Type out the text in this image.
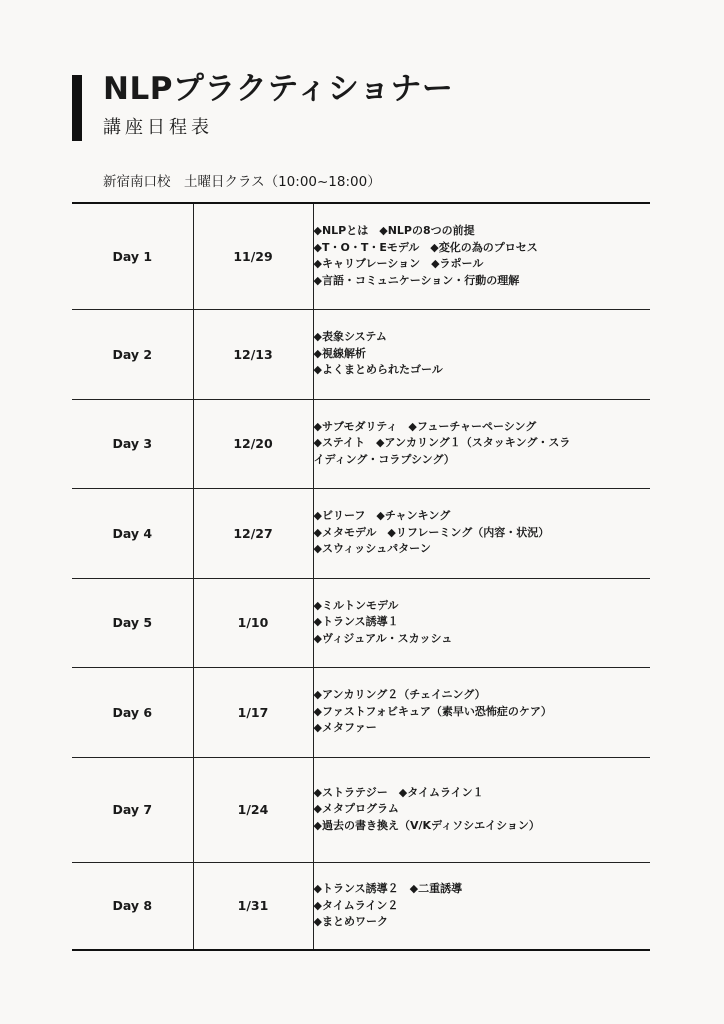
NLPプラクティショナー
講座日程表
新宿南口校　土曜日クラス（10:00~18:00）
Day 1	11/29	◆NLPとは　◆NLPの8つの前提
◆T・O・T・Eモデル　◆変化の為のプロセス
◆キャリブレーション　◆ラポール
◆言語・コミュニケーション・行動の理解

Day 2	12/13	◆表象システム
◆視線解析
◆よくまとめられたゴール

Day 3	12/20	◆サブモダリティ　◆フューチャーペーシング
◆ステイト　◆アンカリング１（スタッキング・スラ
イディング・コラプシング）

Day 4	12/27	◆ビリーフ　◆チャンキング
◆メタモデル　◆リフレーミング（内容・状況）
◆スウィッシュパターン

Day 5	1/10	◆ミルトンモデル
◆トランス誘導１
◆ヴィジュアル・スカッシュ

Day 6	1/17	◆アンカリング２（チェイニング）
◆ファストフォビキュア（素早い恐怖症のケア）
◆メタファー

Day 7	1/24	◆ストラテジー　◆タイムライン１
◆メタプログラム
◆過去の書き換え（V/Kディソシエイション）

Day 8	1/31	◆トランス誘導２　◆二重誘導
◆タイムライン２
◆まとめワーク
